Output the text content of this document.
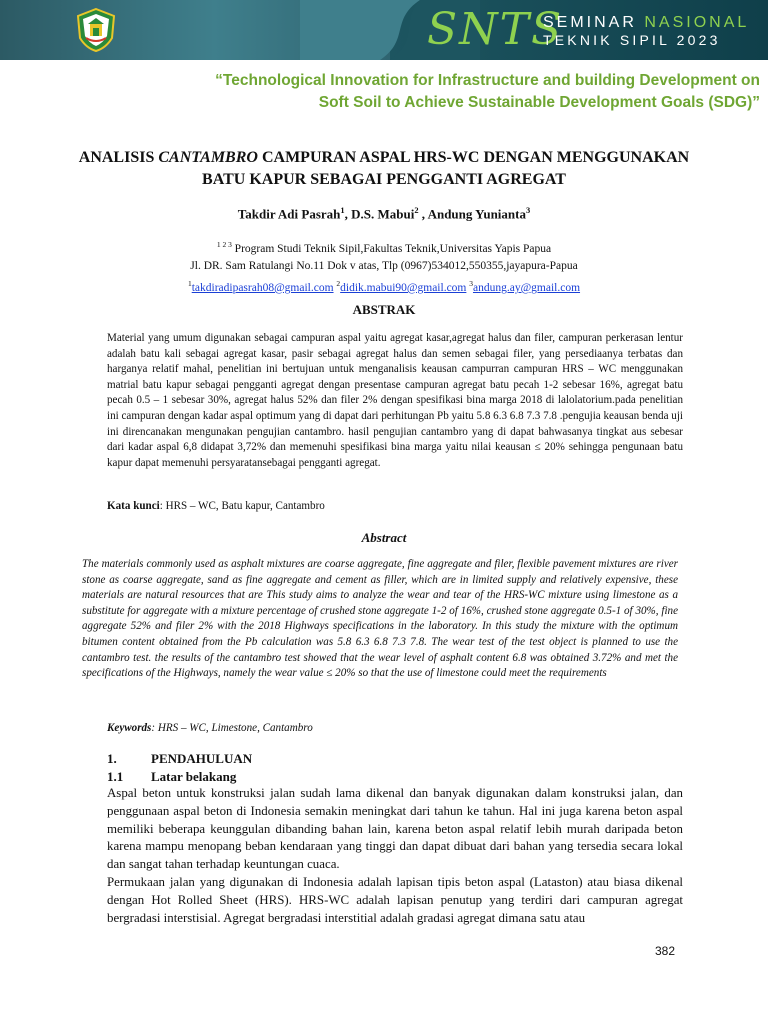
SNTS
SEMINAR NASIONAL
TEKNIK SIPIL 2023
“Technological Innovation for Infrastructure and building Development on Soft Soil to Achieve Sustainable Development Goals (SDG)”
ANALISIS CANTAMBRO CAMPURAN ASPAL HRS-WC DENGAN MENGGUNAKAN BATU KAPUR SEBAGAI PENGGANTI AGREGAT
Takdir Adi Pasrah$^1$, D.S. Mabui$^2$ , Andung Yunianta$^3$
$^{1 2 3}$ Program Studi Teknik Sipil,Fakultas Teknik,Universitas Yapis Papua
Jl. DR. Sam Ratulangi No.11 Dok v atas, Tlp (0967)534012,550355,jayapura-Papua
$^1$takdiradipasrah08@gmail.com $^2$didik.mabui90@gmail.com $^3$andung.ay@gmail.com
ABSTRAK
Material yang umum digunakan sebagai campuran aspal yaitu agregat kasar,agregat halus dan filer, campuran perkerasan lentur adalah batu kali sebagai agregat kasar, pasir sebagai agregat halus dan semen sebagai filer, yang persediaanya terbatas dan harganya relatif mahal, penelitian ini bertujuan untuk menganalisis keausan campurran campuran HRS – WC menggunakan matrial batu kapur sebagai pengganti agregat dengan presentase campuran agregat batu pecah 1-2 sebesar 16%, agregat batu pecah 0.5 – 1 sebesar 30%, agregat halus 52% dan filer 2% dengan spesifikasi bina marga 2018 di lalolatorium.pada penelitian ini campuran dengan kadar aspal optimum yang di dapat dari perhitungan Pb yaitu 5.8 6.3 6.8 7.3 7.8 .pengujia keausan benda uji ini direncanakan mengunakan pengujian cantambro. hasil pengujian cantambro yang di dapat bahwasanya tingkat aus sebesar dari kadar aspal 6,8 didapat 3,72% dan memenuhi spesifikasi bina marga yaitu nilai keausan ≤ 20% sehingga pengunaan batu kapur dapat memenuhi persyaratansebagai pengganti agregat.
Kata kunci: HRS – WC, Batu kapur, Cantambro
Abstract
The materials commonly used as asphalt mixtures are coarse aggregate, fine aggregate and filer, flexible pavement mixtures are river stone as coarse aggregate, sand as fine aggregate and cement as filler, which are in limited supply and relatively expensive, these materials are natural resources that are This study aims to analyze the wear and tear of the HRS-WC mixture using limestone as a substitute for aggregate with a mixture percentage of crushed stone aggregate 1-2 of 16%, crushed stone aggregate 0.5-1 of 30%, fine aggregate 52% and filer 2% with the 2018 Highways specifications in the laboratory. In this study the mixture with the optimum bitumen content obtained from the Pb calculation was 5.8 6.3 6.8 7.3 7.8. The wear test of the test object is planned to use the cantambro test. the results of the cantambro test showed that the wear level of asphalt content 6.8 was obtained 3.72% and met the specifications of the Highways, namely the wear value ≤ 20% so that the use of limestone could meet the requirements
Keywords: HRS – WC, Limestone, Cantambro
1.	PENDAHULUAN
1.1 Latar belakang

Aspal beton untuk konstruksi jalan sudah lama dikenal dan banyak digunakan dalam konstruksi jalan, dan penggunaan aspal beton di Indonesia semakin meningkat dari tahun ke tahun. Hal ini juga karena beton aspal memiliki beberapa keunggulan dibanding bahan lain, karena beton aspal relatif lebih murah daripada beton karena mampu menopang beban kendaraan yang tinggi dan dapat dibuat dari bahan yang tersedia secara lokal dan sangat tahan terhadap keuntungan cuaca.

Permukaan jalan yang digunakan di Indonesia adalah lapisan tipis beton aspal (Lataston) atau biasa dikenal dengan Hot Rolled Sheet (HRS). HRS-WC adalah lapisan penutup yang terdiri dari campuran agregat bergradasi interstisial. Agregat bergradasi interstitial adalah gradasi agregat dimana satu atau

382
